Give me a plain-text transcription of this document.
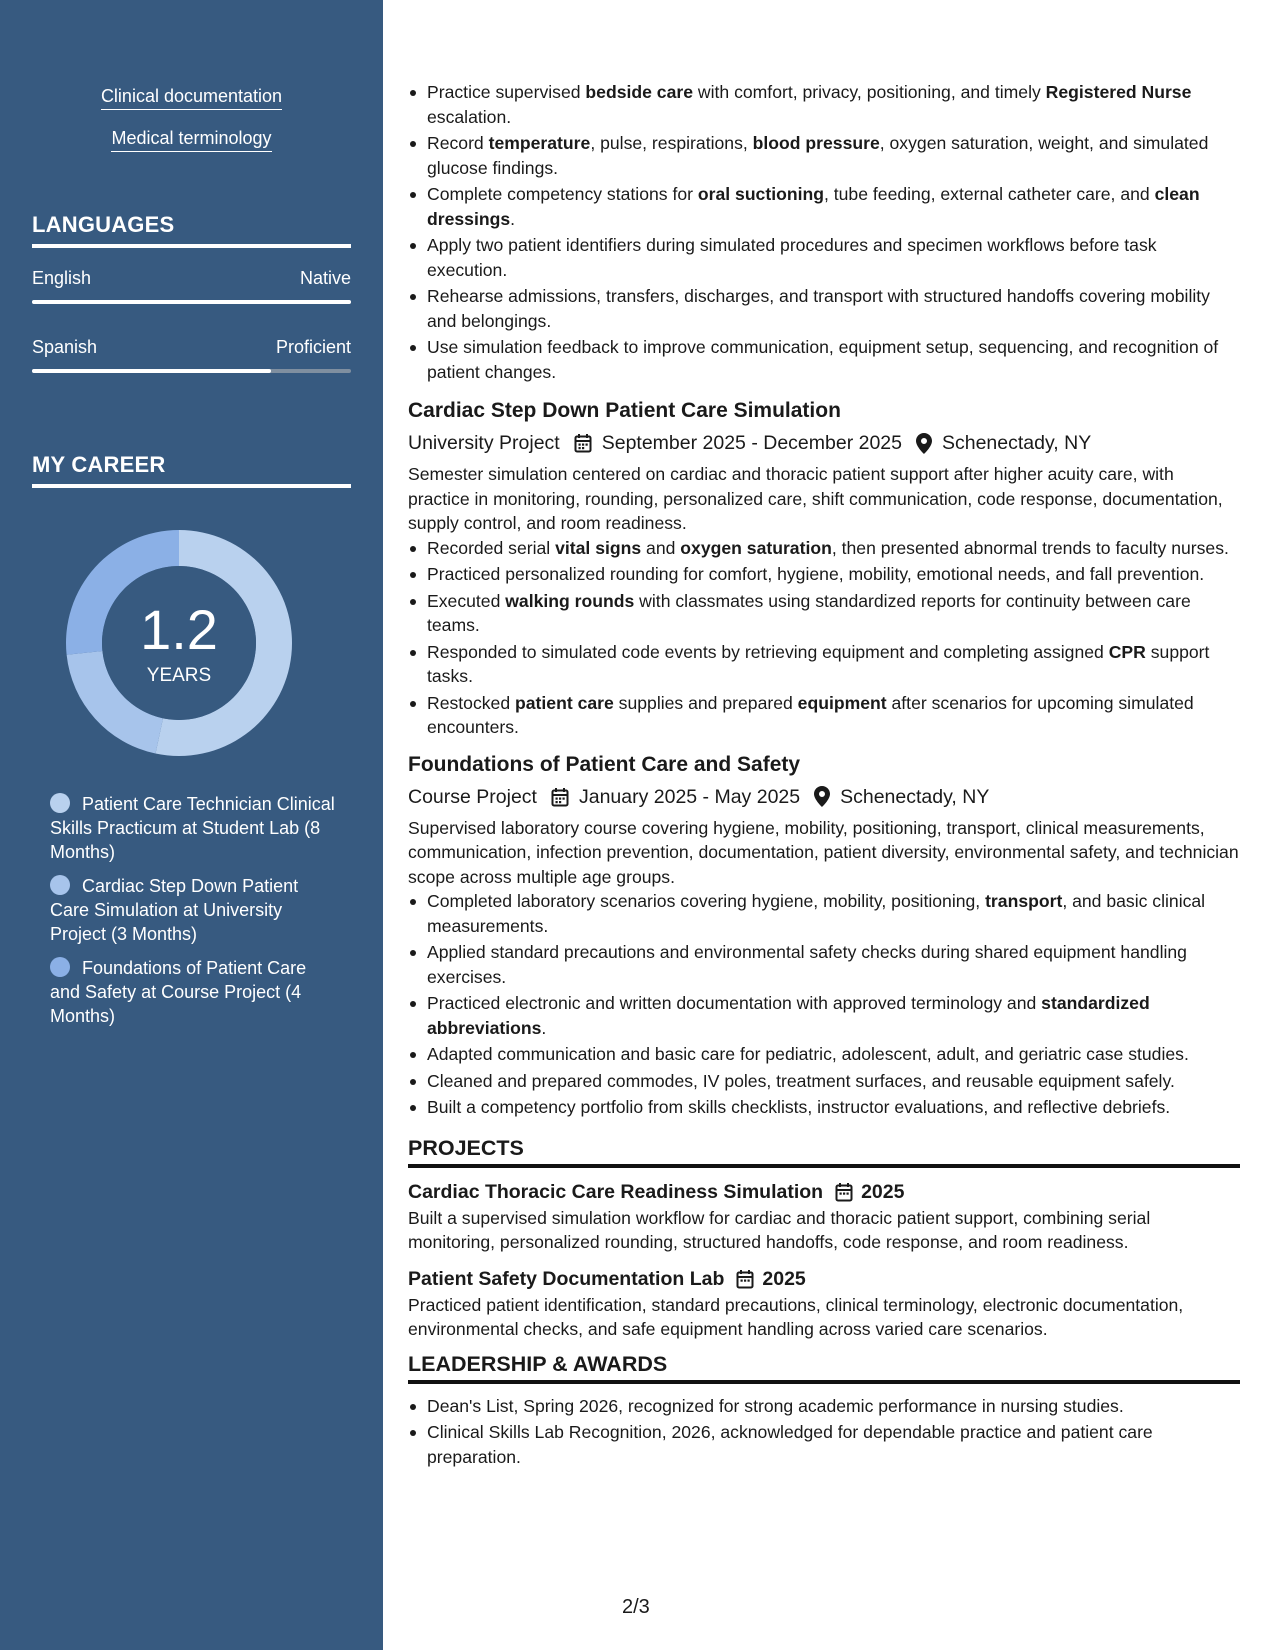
Clinical documentation
Medical terminology
LANGUAGES
English	Native
Spanish	Proficient
MY CAREER
1.2
YEARS
Patient Care Technician Clinical Skills Practicum at Student Lab (8 Months)
Cardiac Step Down Patient Care Simulation at University Project (3 Months)
Foundations of Patient Care and Safety at Course Project (4 Months)
Practice supervised bedside care with comfort, privacy, positioning, and timely Registered Nurse escalation.
Record temperature, pulse, respirations, blood pressure, oxygen saturation, weight, and simulated glucose findings.
Complete competency stations for oral suctioning, tube feeding, external catheter care, and clean dressings.
Apply two patient identifiers during simulated procedures and specimen workflows before task execution.
Rehearse admissions, transfers, discharges, and transport with structured handoffs covering mobility and belongings.
Use simulation feedback to improve communication, equipment setup, sequencing, and recognition of patient changes.
Cardiac Step Down Patient Care Simulation
University Project September 2025 - December 2025 Schenectady, NY
Semester simulation centered on cardiac and thoracic patient support after higher acuity care, with practice in monitoring, rounding, personalized care, shift communication, code response, documentation, supply control, and room readiness.
Recorded serial vital signs and oxygen saturation, then presented abnormal trends to faculty nurses.
Practiced personalized rounding for comfort, hygiene, mobility, emotional needs, and fall prevention.
Executed walking rounds with classmates using standardized reports for continuity between care teams.
Responded to simulated code events by retrieving equipment and completing assigned CPR support tasks.
Restocked patient care supplies and prepared equipment after scenarios for upcoming simulated encounters.
Foundations of Patient Care and Safety
Course Project January 2025 - May 2025 Schenectady, NY
Supervised laboratory course covering hygiene, mobility, positioning, transport, clinical measurements, communication, infection prevention, documentation, patient diversity, environmental safety, and technician scope across multiple age groups.
Completed laboratory scenarios covering hygiene, mobility, positioning, transport, and basic clinical measurements.
Applied standard precautions and environmental safety checks during shared equipment handling exercises.
Practiced electronic and written documentation with approved terminology and standardized abbreviations.
Adapted communication and basic care for pediatric, adolescent, adult, and geriatric case studies.
Cleaned and prepared commodes, IV poles, treatment surfaces, and reusable equipment safely.
Built a competency portfolio from skills checklists, instructor evaluations, and reflective debriefs.
PROJECTS
Cardiac Thoracic Care Readiness Simulation 2025
Built a supervised simulation workflow for cardiac and thoracic patient support, combining serial monitoring, personalized rounding, structured handoffs, code response, and room readiness.
Patient Safety Documentation Lab 2025
Practiced patient identification, standard precautions, clinical terminology, electronic documentation, environmental checks, and safe equipment handling across varied care scenarios.
LEADERSHIP & AWARDS
Dean's List, Spring 2026, recognized for strong academic performance in nursing studies.
Clinical Skills Lab Recognition, 2026, acknowledged for dependable practice and patient care preparation.
2/3
